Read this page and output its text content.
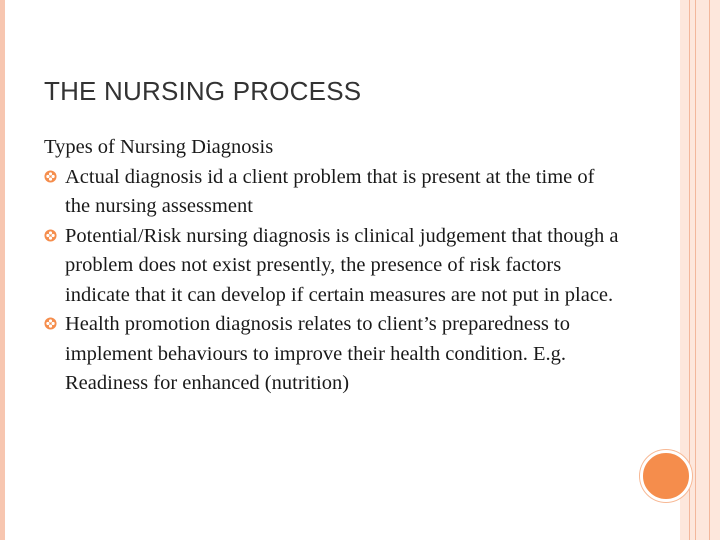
THE NURSING PROCESS

Types of Nursing Diagnosis

Actual diagnosis id a client problem that is present at the time of the nursing assessment
Potential/Risk nursing diagnosis is clinical judgement that though a problem does not exist presently, the presence of risk factors indicate that it can develop if certain measures are not put in place.
Health promotion diagnosis relates to client’s preparedness to implement behaviours to improve their health condition. E.g. Readiness for enhanced (nutrition)
